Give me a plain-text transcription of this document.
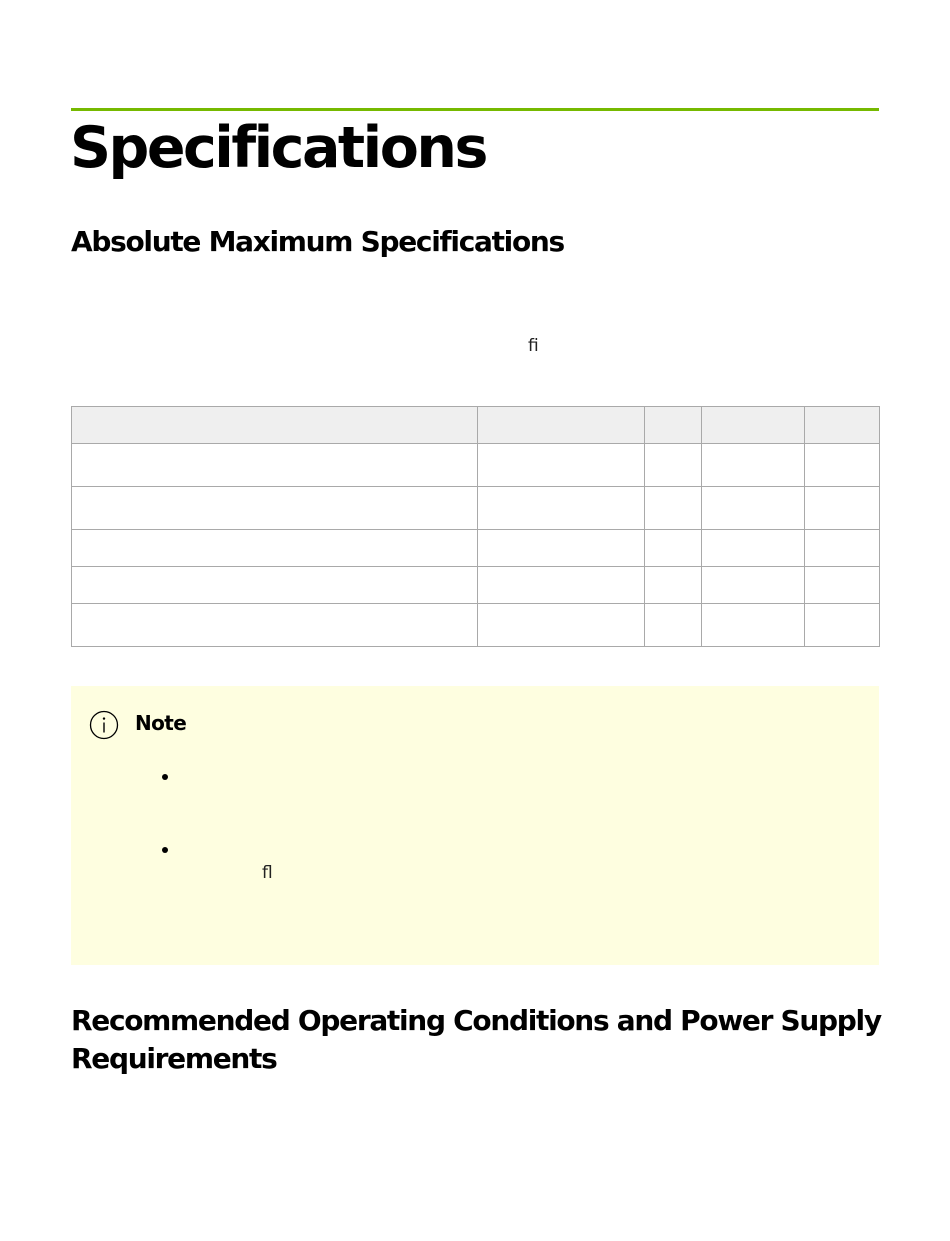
Specifications
Absolute Maximum Specifications
fi

Note
fl
Recommended Operating Conditions and Power Supply
Requirements
